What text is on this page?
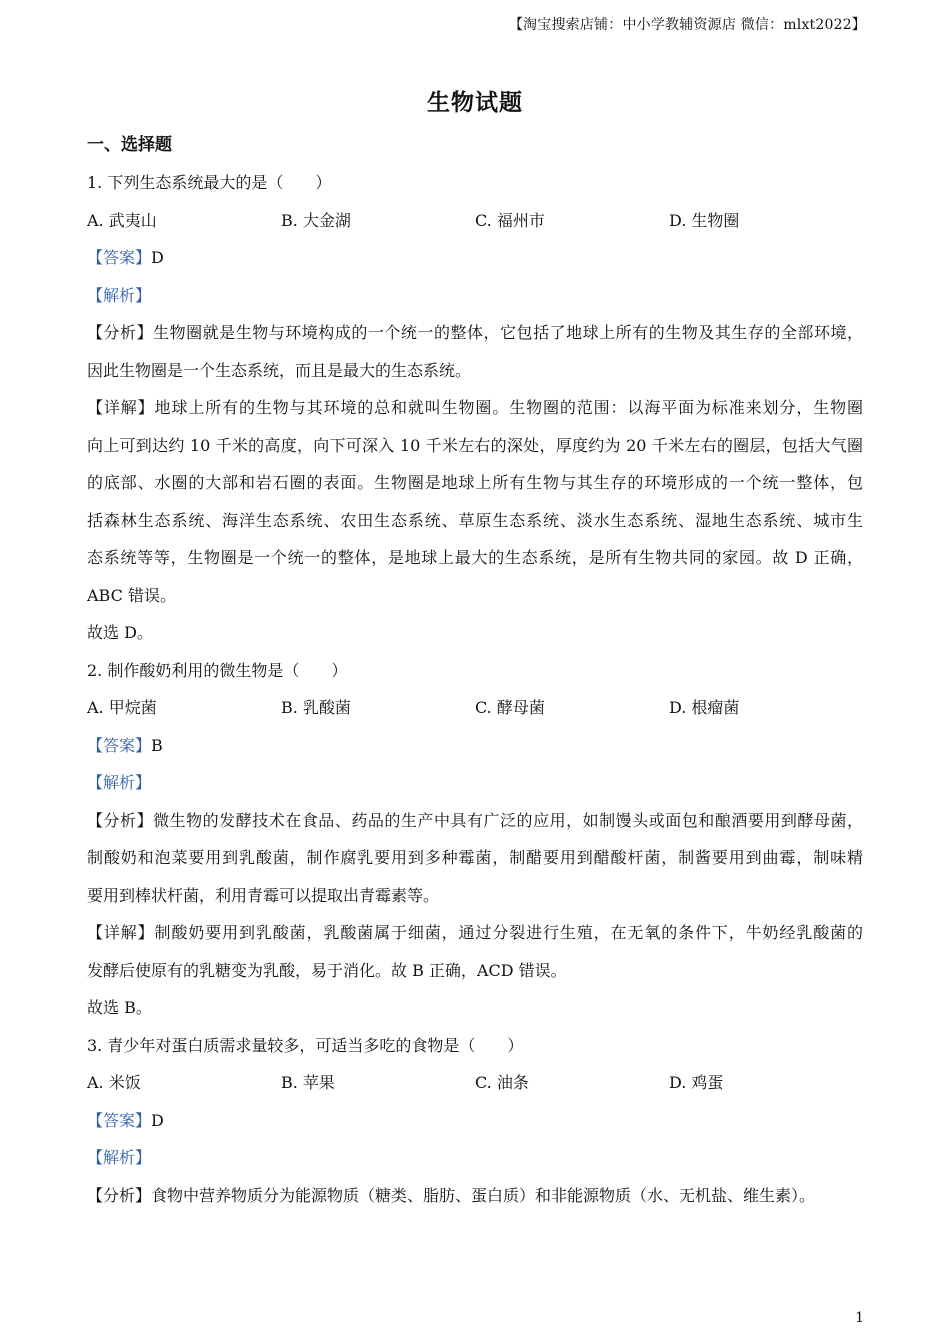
【淘宝搜索店铺：中小学教辅资源店 微信：mlxt2022】
生物试题
一、选择题
1. 下列生态系统最大的是（　　）
A. 武夷山	B. 大金湖	C. 福州市	D. 生物圈
【答案】D
【解析】
【分析】生物圈就是生物与环境构成的一个统一的整体，它包括了地球上所有的生物及其生存的全部环境，
因此生物圈是一个生态系统，而且是最大的生态系统。
【详解】地球上所有的生物与其环境的总和就叫生物圈。生物圈的范围：以海平面为标准来划分，生物圈
向上可到达约 10 千米的高度，向下可深入 10 千米左右的深处，厚度约为 20 千米左右的圈层，包括大气圈
的底部、水圈的大部和岩石圈的表面。生物圈是地球上所有生物与其生存的环境形成的一个统一整体，包
括森林生态系统、海洋生态系统、农田生态系统、草原生态系统、淡水生态系统、湿地生态系统、城市生
态系统等等，生物圈是一个统一的整体，是地球上最大的生态系统，是所有生物共同的家园。故 D 正确，
ABC 错误。
故选 D。
2. 制作酸奶利用的微生物是（　　）
A. 甲烷菌	B. 乳酸菌	C. 酵母菌	D. 根瘤菌
【答案】B
【解析】
【分析】微生物的发酵技术在食品、药品的生产中具有广泛的应用，如制馒头或面包和酿酒要用到酵母菌，
制酸奶和泡菜要用到乳酸菌，制作腐乳要用到多种霉菌，制醋要用到醋酸杆菌，制酱要用到曲霉，制味精
要用到棒状杆菌，利用青霉可以提取出青霉素等。
【详解】制酸奶要用到乳酸菌，乳酸菌属于细菌，通过分裂进行生殖，在无氧的条件下，牛奶经乳酸菌的
发酵后使原有的乳糖变为乳酸，易于消化。故 B 正确，ACD 错误。
故选 B。
3. 青少年对蛋白质需求量较多，可适当多吃的食物是（　　）
A. 米饭	B. 苹果	C. 油条	D. 鸡蛋
【答案】D
【解析】
【分析】食物中营养物质分为能源物质（糖类、脂肪、蛋白质）和非能源物质（水、无机盐、维生素）。
1
